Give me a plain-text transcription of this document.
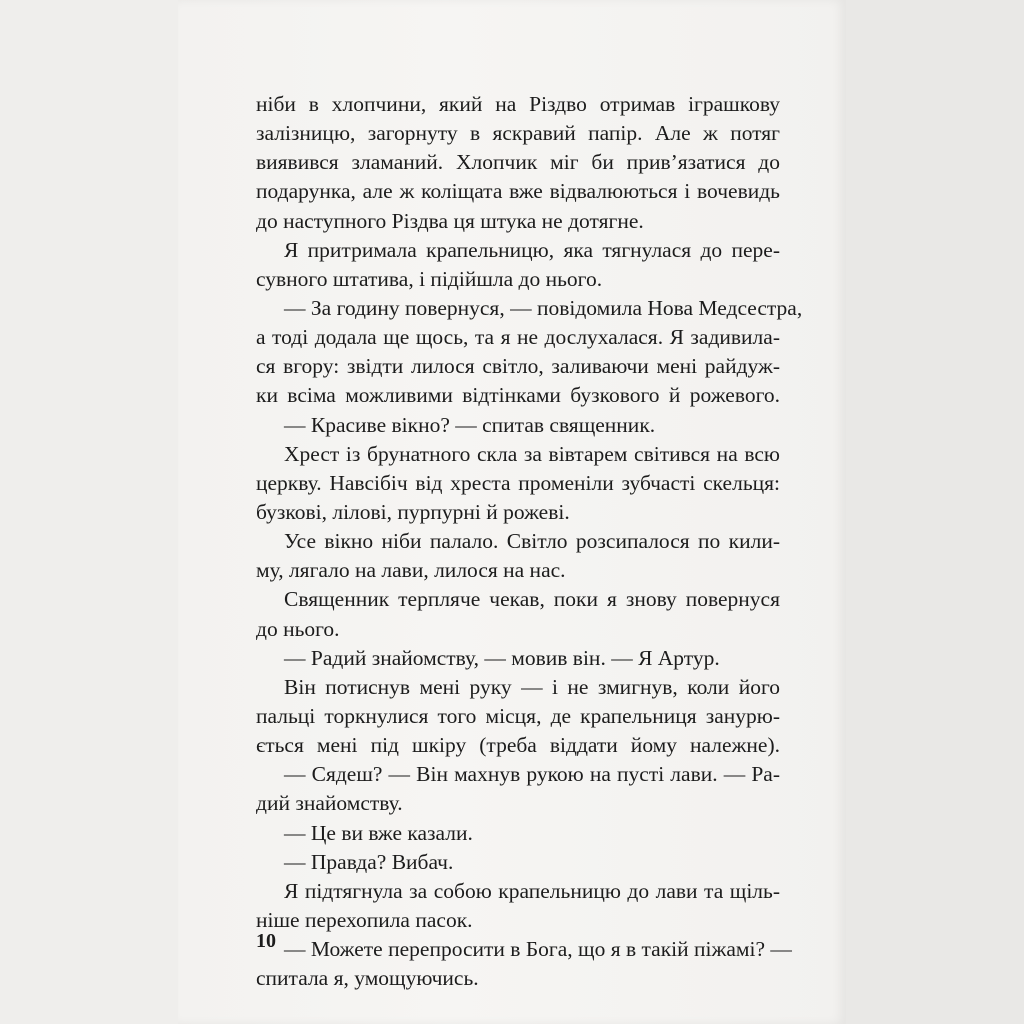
ніби в хлопчини, який на Різдво отримав іграшкову
залізницю, загорнуту в яскравий папір. Але ж потяг
виявився зламаний. Хлопчик міг би прив’язатися до
подарунка, але ж коліщата вже відвалюються і вочевидь
до наступного Різдва ця штука не дотягне.
Я притримала крапельницю, яка тягнулася до пере-
сувного штатива, і підійшла до нього.
— За годину повернуся, — повідомила Нова Медсестра,
а тоді додала ще щось, та я не дослухалася. Я задивила-
ся вгору: звідти лилося світло, заливаючи мені райдуж-
ки всіма можливими відтінками бузкового й рожевого.
— Красиве вікно? — спитав священник.
Хрест із брунатного скла за вівтарем світився на всю
церкву. Навсібіч від хреста променіли зубчасті скельця:
бузкові, лілові, пурпурні й рожеві.
Усе вікно ніби палало. Світло розсипалося по кили-
му, лягало на лави, лилося на нас.
Священник терпляче чекав, поки я знову повернуся
до нього.
— Радий знайомству, — мовив він. — Я Артур.
Він потиснув мені руку — і не змигнув, коли його
пальці торкнулися того місця, де крапельниця занурю-
ється мені під шкіру (треба віддати йому належне).
— Сядеш? — Він махнув рукою на пусті лави. — Ра-
дий знайомству.
— Це ви вже казали.
— Правда? Вибач.
Я підтягнула за собою крапельницю до лави та щіль-
ніше перехопила пасок.
— Можете перепросити в Бога, що я в такій піжамі? —
спитала я, умощуючись.
10
